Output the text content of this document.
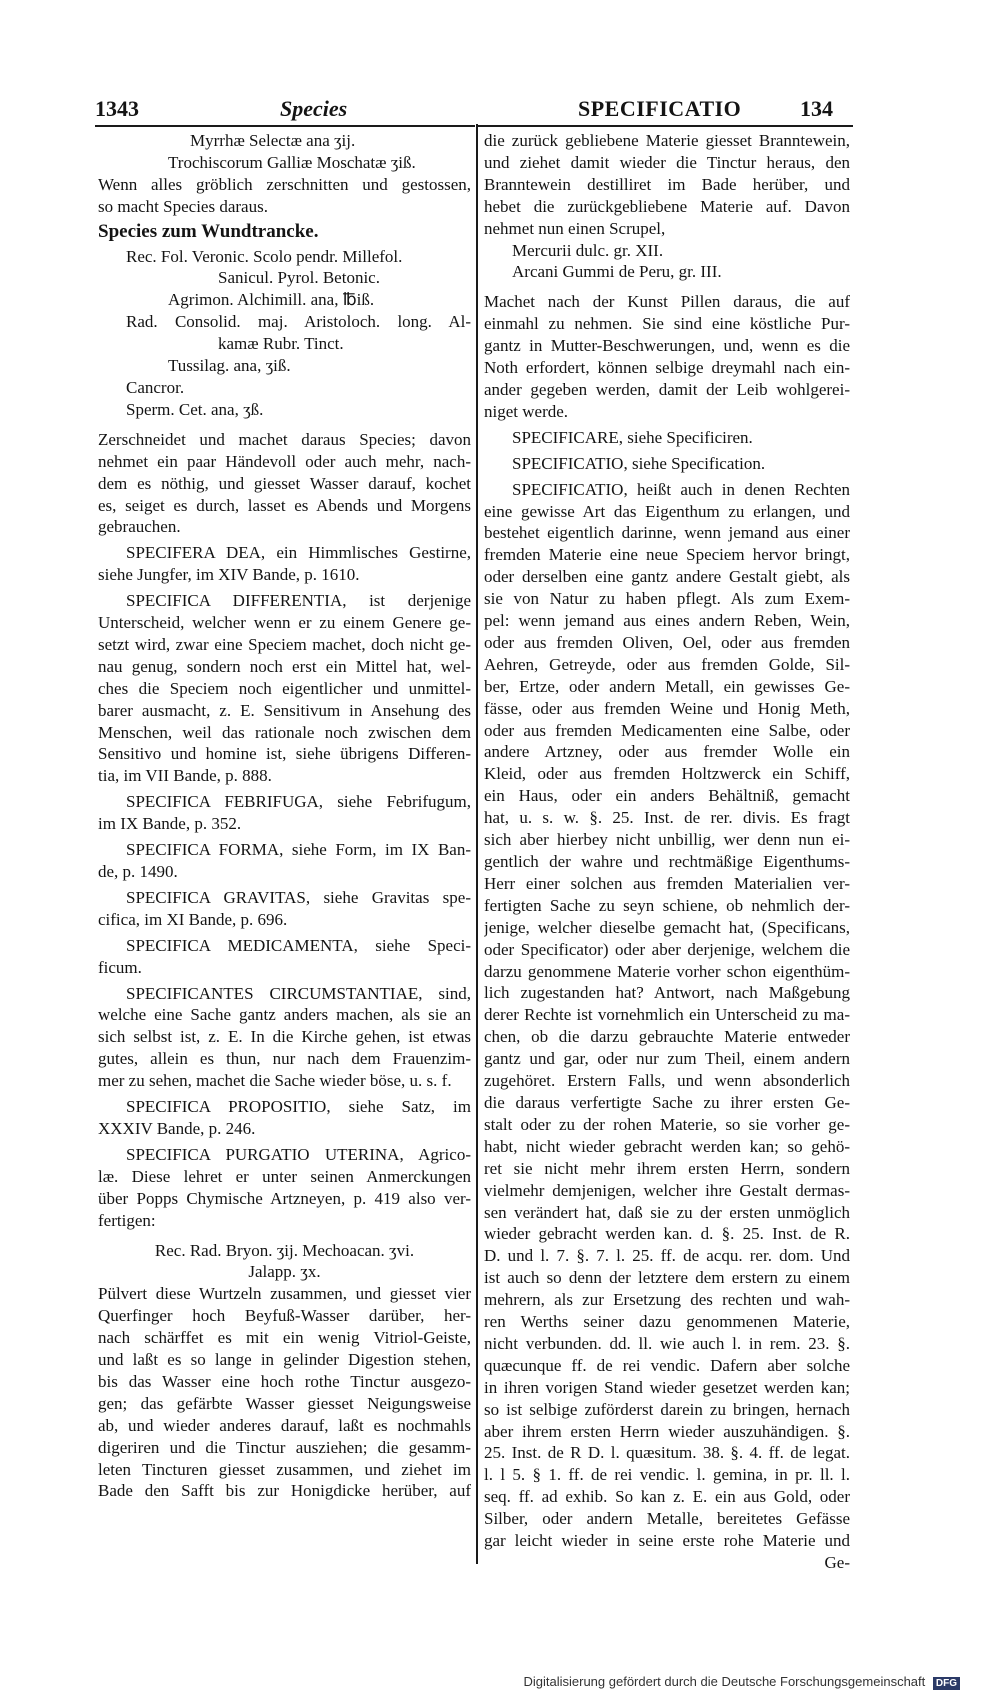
1343	Species	SPECIFICATIO	134
Myrrhæ Selectæ ana ʒij.
Trochiscorum Galliæ Moschatæ ʒiß.
Wenn alles gröblich zerschnitten und gestossen,
so macht Species daraus.
Species zum Wundtrancke.
Rec. Fol. Veronic. Scolo pendr. Millefol.
Sanicul. Pyrol. Betonic.
Agrimon. Alchimill. ana, ℔iß.
Rad. Consolid. maj. Aristoloch. long. Al-
kamæ Rubr. Tinct.
Tussilag. ana, ʒiß.
Cancror.
Sperm. Cet. ana, ʒß.
Zerschneidet und machet daraus Species; davon
nehmet ein paar Händevoll oder auch mehr, nach-
dem es nöthig, und giesset Wasser darauf, kochet
es, seiget es durch, lasset es Abends und Morgens
gebrauchen.
SPECIFERA DEA, ein Himmlisches Gestirne,
siehe Jungfer, im XIV Bande, p. 1610.
SPECIFICA DIFFERENTIA, ist derjenige
Unterscheid, welcher wenn er zu einem Genere ge-
setzt wird, zwar eine Speciem machet, doch nicht ge-
nau genug, sondern noch erst ein Mittel hat, wel-
ches die Speciem noch eigentlicher und unmittel-
barer ausmacht, z. E. Sensitivum in Ansehung des
Menschen, weil das rationale noch zwischen dem
Sensitivo und homine ist, siehe übrigens Differen-
tia, im VII Bande, p. 888.
SPECIFICA FEBRIFUGA, siehe Febrifugum,
im IX Bande, p. 352.
SPECIFICA FORMA, siehe Form, im IX Ban-
de, p. 1490.
SPECIFICA GRAVITAS, siehe Gravitas spe-
cifica, im XI Bande, p. 696.
SPECIFICA MEDICAMENTA, siehe Speci-
ficum.
SPECIFICANTES CIRCUMSTANTIAE, sind,
welche eine Sache gantz anders machen, als sie an
sich selbst ist, z. E. In die Kirche gehen, ist etwas
gutes, allein es thun, nur nach dem Frauenzim-
mer zu sehen, machet die Sache wieder böse, u. s. f.
SPECIFICA PROPOSITIO, siehe Satz, im
XXXIV Bande, p. 246.
SPECIFICA PURGATIO UTERINA, Agrico-
læ. Diese lehret er unter seinen Anmerckungen
über Popps Chymische Artzneyen, p. 419 also ver-
fertigen:
Rec. Rad. Bryon. ʒij. Mechoacan. ʒvi.
Jalapp. ʒx.
Pülvert diese Wurtzeln zusammen, und giesset vier
Querfinger hoch Beyfuß-Wasser darüber, her-
nach schärffet es mit ein wenig Vitriol-Geiste,
und laßt es so lange in gelinder Digestion stehen,
bis das Wasser eine hoch rothe Tinctur ausgezo-
gen; das gefärbte Wasser giesset Neigungsweise
ab, und wieder anderes darauf, laßt es nochmahls
digeriren und die Tinctur ausziehen; die gesamm-
leten Tincturen giesset zusammen, und ziehet im
Bade den Safft bis zur Honigdicke herüber, auf
die zurück gebliebene Materie giesset Branntewein,
und ziehet damit wieder die Tinctur heraus, den
Branntewein destilliret im Bade herüber, und
hebet die zurückgebliebene Materie auf. Davon
nehmet nun einen Scrupel,
Mercurii dulc. gr. XII.
Arcani Gummi de Peru, gr. III.
Machet nach der Kunst Pillen daraus, die auf
einmahl zu nehmen. Sie sind eine köstliche Pur-
gantz in Mutter-Beschwerungen, und, wenn es die
Noth erfordert, können selbige dreymahl nach ein-
ander gegeben werden, damit der Leib wohlgerei-
niget werde.
SPECIFICARE, siehe Specificiren.
SPECIFICATIO, siehe Specification.
SPECIFICATIO, heißt auch in denen Rechten
eine gewisse Art das Eigenthum zu erlangen, und
bestehet eigentlich darinne, wenn jemand aus einer
fremden Materie eine neue Speciem hervor bringt,
oder derselben eine gantz andere Gestalt giebt, als
sie von Natur zu haben pflegt. Als zum Exem-
pel: wenn jemand aus eines andern Reben, Wein,
oder aus fremden Oliven, Oel, oder aus fremden
Aehren, Getreyde, oder aus fremden Golde, Sil-
ber, Ertze, oder andern Metall, ein gewisses Ge-
fässe, oder aus fremden Weine und Honig Meth,
oder aus fremden Medicamenten eine Salbe, oder
andere Artzney, oder aus fremder Wolle ein
Kleid, oder aus fremden Holtzwerck ein Schiff,
ein Haus, oder ein anders Behältniß, gemacht
hat, u. s. w. §. 25. Inst. de rer. divis. Es fragt
sich aber hierbey nicht unbillig, wer denn nun ei-
gentlich der wahre und rechtmäßige Eigenthums-
Herr einer solchen aus fremden Materialien ver-
fertigten Sache zu seyn schiene, ob nehmlich der-
jenige, welcher dieselbe gemacht hat, (Specificans,
oder Specificator) oder aber derjenige, welchem die
darzu genommene Materie vorher schon eigenthüm-
lich zugestanden hat? Antwort, nach Maßgebung
derer Rechte ist vornehmlich ein Unterscheid zu ma-
chen, ob die darzu gebrauchte Materie entweder
gantz und gar, oder nur zum Theil, einem andern
zugehöret. Erstern Falls, und wenn absonderlich
die daraus verfertigte Sache zu ihrer ersten Ge-
stalt oder zu der rohen Materie, so sie vorher ge-
habt, nicht wieder gebracht werden kan; so gehö-
ret sie nicht mehr ihrem ersten Herrn, sondern
vielmehr demjenigen, welcher ihre Gestalt dermas-
sen verändert hat, daß sie zu der ersten unmöglich
wieder gebracht werden kan. d. §. 25. Inst. de R.
D. und l. 7. §. 7. l. 25. ff. de acqu. rer. dom. Und
ist auch so denn der letztere dem erstern zu einem
mehrern, als zur Ersetzung des rechten und wah-
ren Werths seiner dazu genommenen Materie,
nicht verbunden. dd. ll. wie auch l. in rem. 23. §.
quæcunque ff. de rei vendic. Dafern aber solche
in ihren vorigen Stand wieder gesetzet werden kan;
so ist selbige zuförderst darein zu bringen, hernach
aber ihrem ersten Herrn wieder auszuhändigen. §.
25. Inst. de R D. l. quæsitum. 38. §. 4. ff. de legat.
l. l 5. § 1. ff. de rei vendic. l. gemina, in pr. ll. l.
seq. ff. ad exhib. So kan z. E. ein aus Gold, oder
Silber, oder andern Metalle, bereitetes Gefässe
gar leicht wieder in seine erste rohe Materie und
Ge-
Digitalisierung gefördert durch die Deutsche Forschungsgemeinschaft DFG
